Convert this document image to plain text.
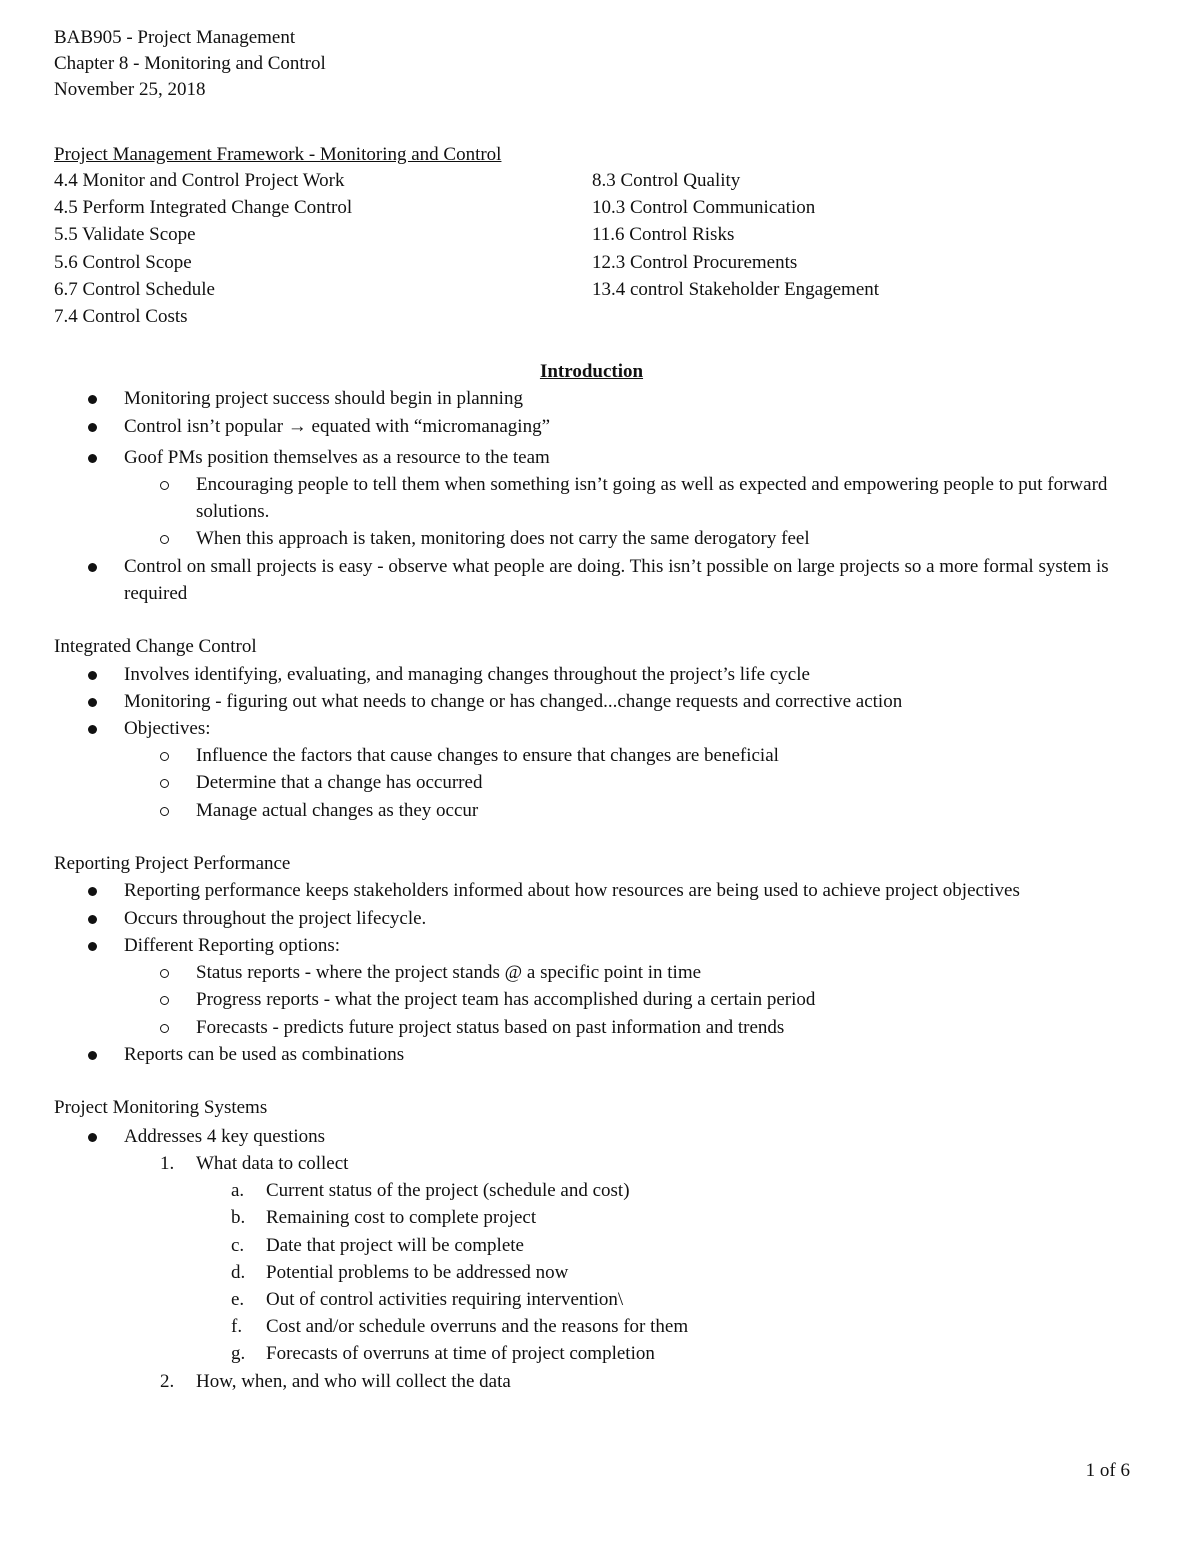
BAB905 - Project Management
Chapter 8 - Monitoring and Control
November 25, 2018
Project Management Framework - Monitoring and Control
4.4 Monitor and Control Project Work
4.5 Perform Integrated Change Control
5.5 Validate Scope
5.6 Control Scope
6.7 Control Schedule
7.4 Control Costs
8.3 Control Quality
10.3 Control Communication
11.6 Control Risks
12.3 Control Procurements
13.4 control Stakeholder Engagement
Introduction
Monitoring project success should begin in planning
Control isn’t popular → equated with “micromanaging”
Goof PMs position themselves as a resource to the team
Encouraging people to tell them when something isn’t going as well as expected and empowering people to put forward solutions.
When this approach is taken, monitoring does not carry the same derogatory feel
Control on small projects is easy - observe what people are doing. This isn’t possible on large projects so a more formal system is required
Integrated Change Control
Involves identifying, evaluating, and managing changes throughout the project’s life cycle
Monitoring - figuring out what needs to change or has changed...change requests and corrective action
Objectives:
Influence the factors that cause changes to ensure that changes are beneficial
Determine that a change has occurred
Manage actual changes as they occur
Reporting Project Performance
Reporting performance keeps stakeholders informed about how resources are being used to achieve project objectives
Occurs throughout the project lifecycle.
Different Reporting options:
Status reports - where the project stands @ a specific point in time
Progress reports - what the project team has accomplished during a certain period
Forecasts - predicts future project status based on past information and trends
Reports can be used as combinations
Project Monitoring Systems
Addresses 4 key questions
1. What data to collect
a. Current status of the project (schedule and cost)
b. Remaining cost to complete project
c. Date that project will be complete
d. Potential problems to be addressed now
e. Out of control activities requiring intervention\
f. Cost and/or schedule overruns and the reasons for them
g. Forecasts of overruns at time of project completion
2. How, when, and who will collect the data
1 of 6
